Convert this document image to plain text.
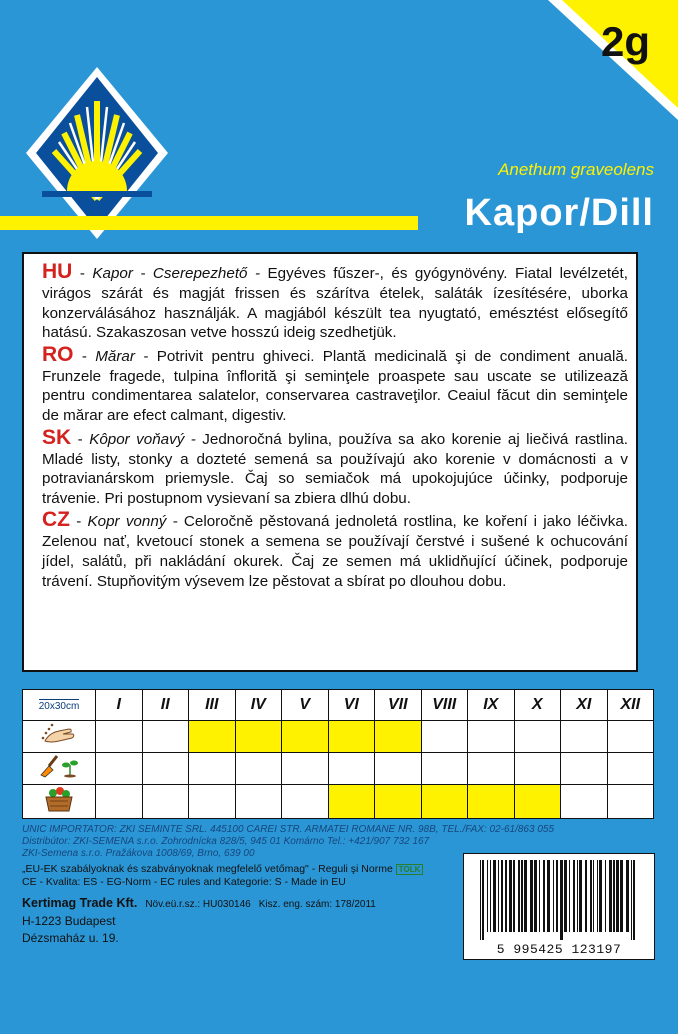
2g
Anethum graveolens
Kapor/Dill

HU - Kapor - Cserepezhető - Egyéves fűszer-, és gyógynövény. Fiatal levélzetét, virágos szárát és magját frissen és szárítva ételek, saláták ízesítésére, uborka konzerválásához használják. A magjából készült tea nyugtató, emésztést elősegítő hatású. Szakaszosan vetve hosszú ideig szedhetjük.

RO - Mărar - Potrivit pentru ghiveci. Plantă medicinală şi de condiment anuală. Frunzele fragede, tulpina înflorită şi seminţele proaspete sau uscate se utilizează pentru condimentarea salatelor, conservarea castraveţilor. Ceaiul făcut din seminţele de mărar are efect calmant, digestiv.

SK - Kôpor voňavý - Jednoročná bylina, používa sa ako korenie aj liečivá rastlina. Mladé listy, stonky a dozteté semená sa používajú ako korenie v domácnosti a v potravianárskom priemysle. Čaj so semiačok má upokojujúce účinky, podporuje trávenie. Pri postupnom vysievaní sa zbiera dlhú dobu.

CZ - Kopr vonný - Celoročně pěstovaná jednoletá rostlina, ke koření i jako léčivka. Zelenou nať, kvetoucí stonek a semena se používají čerstvé i sušené k ochucování jídel, salátů, při nakládání okurek. Čaj ze semen má uklidňující účinek, podporuje trávení. Stupňovitým výsevem lze pěstovat a sbírat po dlouhou dobu.

20x30cm	I	II	III	IV	V	VI	VII	VIII	IX	X	XI	XII

UNIC IMPORTATOR: ZKI SEMINTE SRL. 445100 CAREI STR. ARMATEI ROMÂNE NR. 98B, TEL./FAX: 02-61/863 055
Distribútor: ZKI-SEMENA s.r.o. Žohrodnícka 828/5, 945 01 Komárno Tel.: +421/907 732 167
ZKI-Semena s.r.o. Pražákova 1008/69, Brno, 639 00
„EU-EK szabályoknak és szabványoknak megfelelő vetőmag" - Reguli şi Norme TOLK
CE - Kvalita: ES - EG-Norm - EC rules and Kategorie: S - Made in EU
Kertimag Trade Kft. Növ.eü.r.sz.: HU030146 Kisz. eng. szám: 178/2011
H-1223 Budapest
Dézsmaház u. 19.
5 995425 123197
